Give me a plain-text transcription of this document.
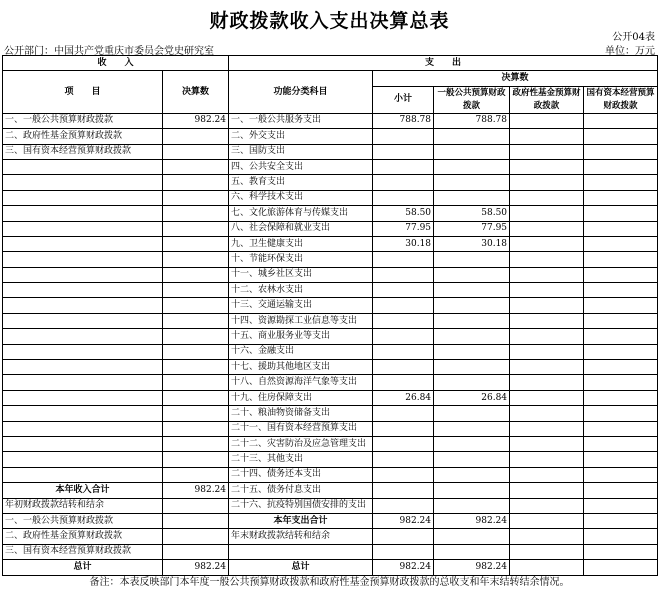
财政拨款收入支出决算总表
公开04表
公开部门：中国共产党重庆市委员会党史研究室	单位：万元
收　　入		支　　出				
项　　目	决算数	功能分类科目	决算数			
			小计	一般公共预算财政拨款	政府性基金预算财政拨款	国有资本经营预算财政拨款

一、一般公共预算财政拨款	982.24	一、一般公共服务支出	788.78	788.78		
二、政府性基金预算财政拨款		二、外交支出				
三、国有资本经营预算财政拨款		三、国防支出				
		四、公共安全支出				
		五、教育支出				
		六、科学技术支出				
		七、文化旅游体育与传媒支出	58.50	58.50		
		八、社会保障和就业支出	77.95	77.95		
		九、卫生健康支出	30.18	30.18		
		十、节能环保支出				
		十一、城乡社区支出				
		十二、农林水支出				
		十三、交通运输支出				
		十四、资源勘探工业信息等支出				
		十五、商业服务业等支出				
		十六、金融支出				
		十七、援助其他地区支出				
		十八、自然资源海洋气象等支出				
		十九、住房保障支出	26.84	26.84		
		二十、粮油物资储备支出				
		二十一、国有资本经营预算支出				
		二十二、灾害防治及应急管理支出				
		二十三、其他支出				
		二十四、债务还本支出				
本年收入合计	982.24	二十五、债务付息支出				
年初财政拨款结转和结余		二十六、抗疫特别国债安排的支出				
一、一般公共预算财政拨款		本年支出合计	982.24	982.24		
二、政府性基金预算财政拨款		年末财政拨款结转和结余				
三、国有资本经营预算财政拨款						
总计	982.24	总计	982.24	982.24		
备注：本表反映部门本年度一般公共预算财政拨款和政府性基金预算财政拨款的总收支和年末结转结余情况。
